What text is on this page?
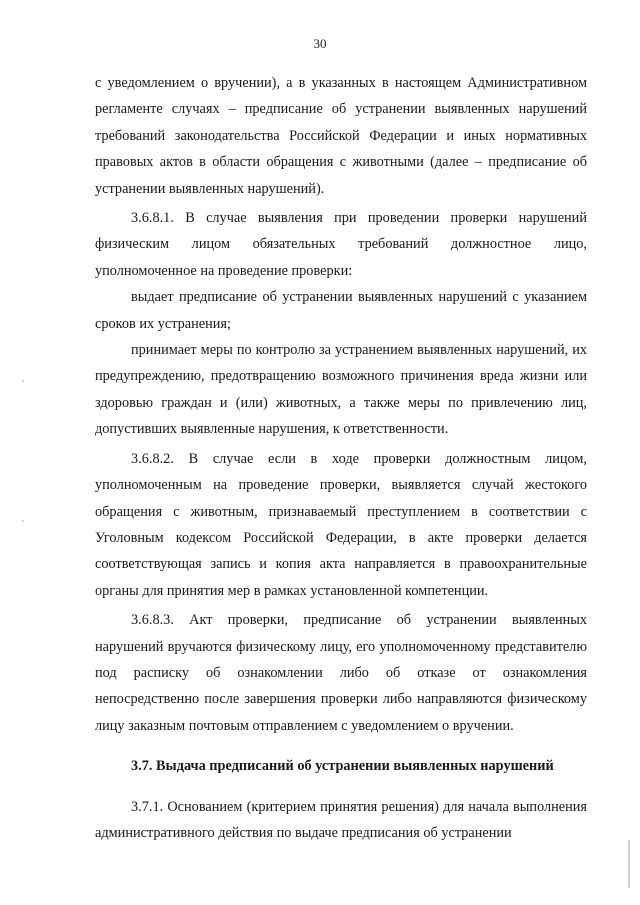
30

с уведомлением о вручении), а в указанных в настоящем Административном регламенте случаях – предписание об устранении выявленных нарушений требований законодательства Российской Федерации и иных нормативных правовых актов в области обращения с животными (далее – предписание об устранении выявленных нарушений).

3.6.8.1. В случае выявления при проведении проверки нарушений физическим лицом обязательных требований должностное лицо, уполномоченное на проведение проверки:

выдает предписание об устранении выявленных нарушений с указанием сроков их устранения;

принимает меры по контролю за устранением выявленных нарушений, их предупреждению, предотвращению возможного причинения вреда жизни или здоровью граждан и (или) животных, а также меры по привлечению лиц, допустивших выявленные нарушения, к ответственности.

3.6.8.2. В случае если в ходе проверки должностным лицом, уполномоченным на проведение проверки, выявляется случай жестокого обращения с животным, признаваемый преступлением в соответствии с Уголовным кодексом Российской Федерации, в акте проверки делается соответствующая запись и копия акта направляется в правоохранительные органы для принятия мер в рамках установленной компетенции.

3.6.8.3. Акт проверки, предписание об устранении выявленных нарушений вручаются физическому лицу, его уполномоченному представителю под расписку об ознакомлении либо об отказе от ознакомления непосредственно после завершения проверки либо направляются физическому лицу заказным почтовым отправлением с уведомлением о вручении.

3.7. Выдача предписаний об устранении выявленных нарушений

3.7.1. Основанием (критерием принятия решения) для начала выполнения административного действия по выдаче предписания об устранении
